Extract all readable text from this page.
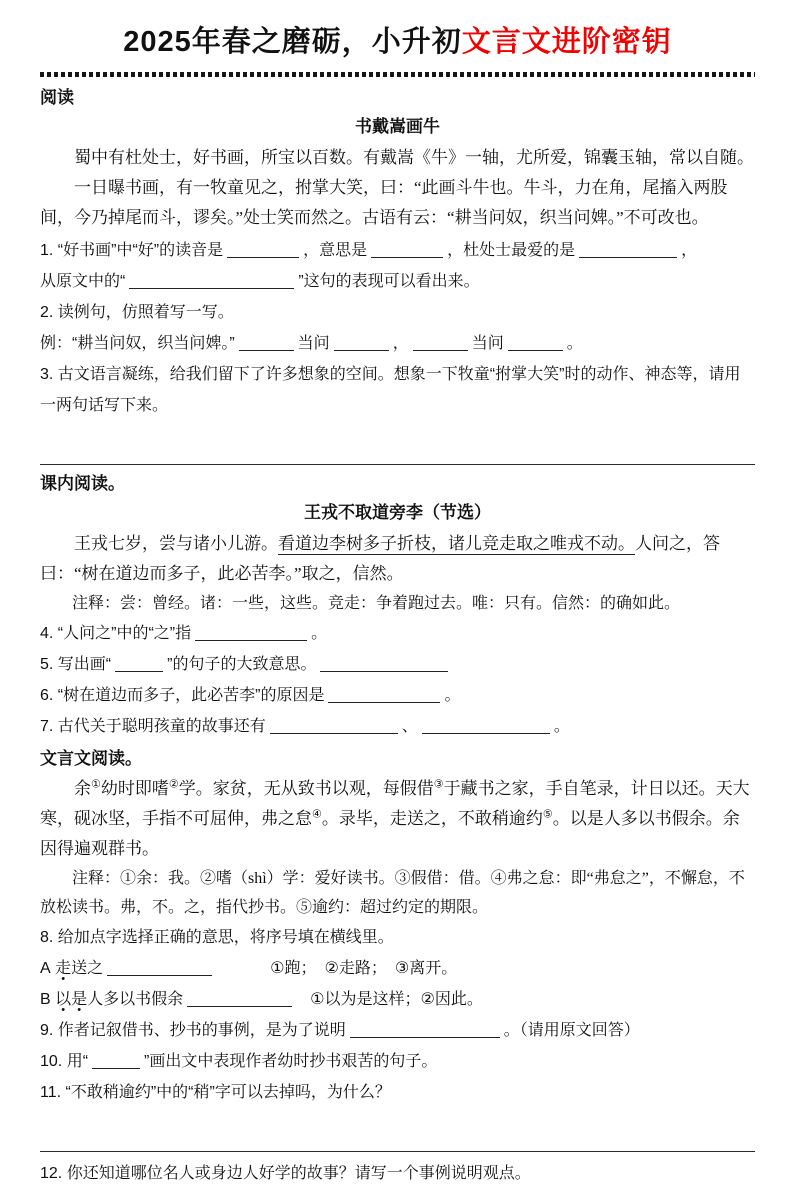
2025年春之磨砺，小升初文言文进阶密钥
阅读
书戴嵩画牛

蜀中有杜处士，好书画，所宝以百数。有戴嵩《牛》一轴，尤所爱，锦囊玉轴，常以自随。

一日曝书画，有一牧童见之，拊掌大笑，曰：“此画斗牛也。牛斗，力在角，尾搐入两股间，今乃掉尾而斗，谬矣。”处士笑而然之。古语有云：“耕当问奴，织当问婢。”不可改也。

1. “好书画”中“好”的读音是	，意思是	，杜处士最爱的是	，
从原文中的“	”这句的表现可以看出来。

2. 读例句，仿照着写一写。

例：“耕当问奴，织当问婢。”	当问	，	当问	。

3. 古文语言凝练，给我们留下了许多想象的空间。想象一下牧童“拊掌大笑”时的动作、神态等，请用一两句话写下来。

课内阅读。
王戎不取道旁李（节选）

王戎七岁，尝与诸小儿游。看道边李树多子折枝，诸儿竞走取之唯戎不动。人问之，答曰：“树在道边而多子，此必苦李。”取之，信然。

注释：尝：曾经。诸：一些，这些。竞走：争着跑过去。唯：只有。信然：的确如此。

4. “人问之”中的“之”指	。

5. 写出画“	”的句子的大致意思。

6. “树在道边而多子，此必苦李”的原因是	。

7. 古代关于聪明孩童的故事还有	、	。

文言文阅读。

余①幼时即嗜②学。家贫，无从致书以观，每假借③于藏书之家，手自笔录，计日以还。天大寒，砚冰坚，手指不可屈伸，弗之怠④。录毕，走送之，不敢稍逾约⑤。以是人多以书假余。余因得遍观群书。

注释：①余：我。②嗜（shì）学：爱好读书。③假借：借。④弗之怠：即“弗怠之”，不懈怠，不放松读书。弗，不。之，指代抄书。⑤逾约：超过约定的期限。

8. 给加点字选择正确的意思，将序号填在横线里。

A 走送之	①跑；　②走路；　③离开。

B 以是人多以书假余	①以为是这样；②因此。

9. 作者记叙借书、抄书的事例，是为了说明	。（请用原文回答）

10. 用“	”画出文中表现作者幼时抄书艰苦的句子。

11. “不敢稍逾约”中的“稍”字可以去掉吗，为什么？

12. 你还知道哪位名人或身边人好学的故事？请写一个事例说明观点。
